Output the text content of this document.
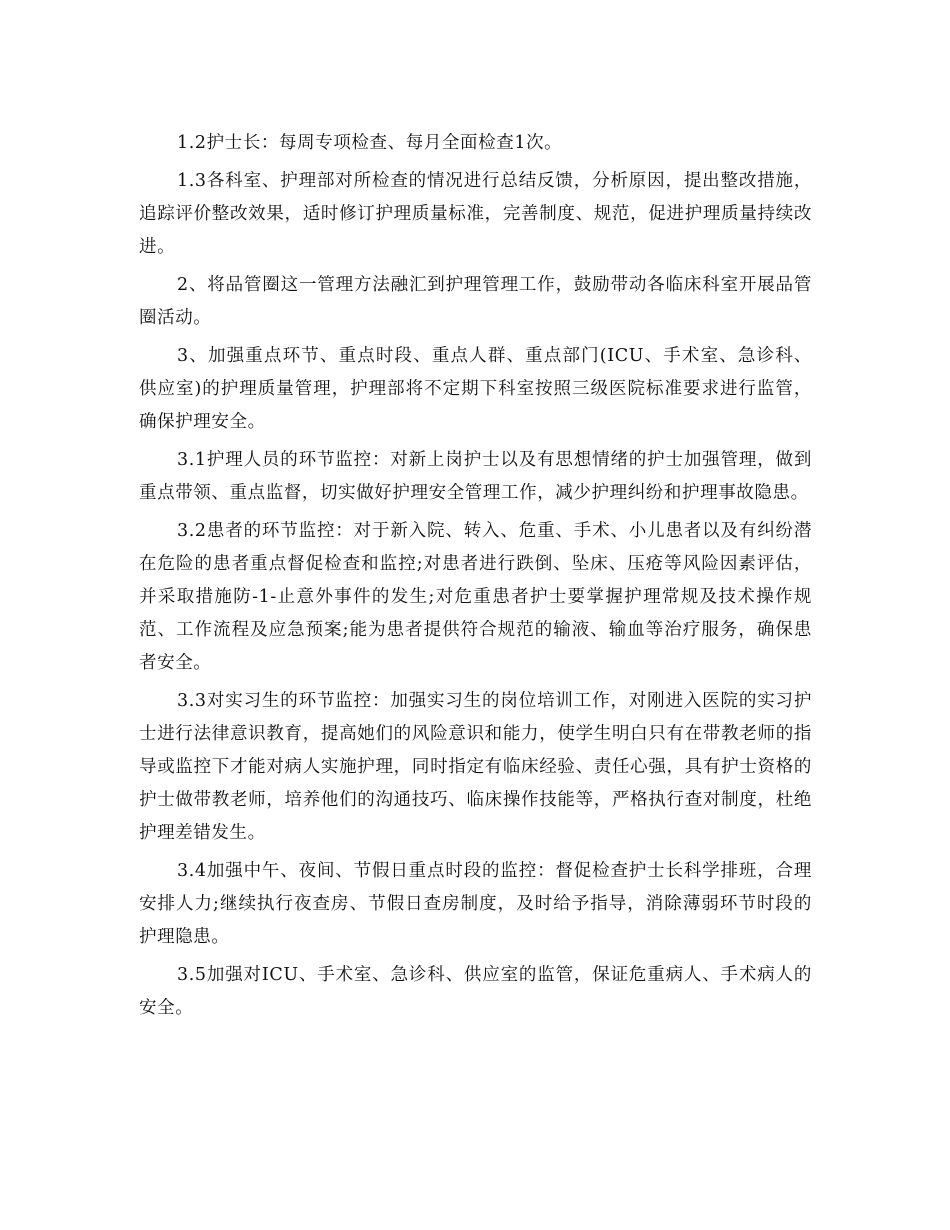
1.2护士长：每周专项检查、每月全面检查1次。

1.3各科室、护理部对所检查的情况进行总结反馈，分析原因，提出整改措施，追踪评价整改效果，适时修订护理质量标准，完善制度、规范，促进护理质量持续改进。

2、将品管圈这一管理方法融汇到护理管理工作，鼓励带动各临床科室开展品管圈活动。

3、加强重点环节、重点时段、重点人群、重点部门(ICU、手术室、急诊科、供应室)的护理质量管理，护理部将不定期下科室按照三级医院标准要求进行监管，确保护理安全。

3.1护理人员的环节监控：对新上岗护士以及有思想情绪的护士加强管理，做到重点带领、重点监督，切实做好护理安全管理工作，减少护理纠纷和护理事故隐患。

3.2患者的环节监控：对于新入院、转入、危重、手术、小儿患者以及有纠纷潜在危险的患者重点督促检查和监控;对患者进行跌倒、坠床、压疮等风险因素评估，并采取措施防-1-止意外事件的发生;对危重患者护士要掌握护理常规及技术操作规范、工作流程及应急预案;能为患者提供符合规范的输液、输血等治疗服务，确保患者安全。

3.3对实习生的环节监控：加强实习生的岗位培训工作，对刚进入医院的实习护士进行法律意识教育，提高她们的风险意识和能力，使学生明白只有在带教老师的指导或监控下才能对病人实施护理，同时指定有临床经验、责任心强，具有护士资格的护士做带教老师，培养他们的沟通技巧、临床操作技能等，严格执行查对制度，杜绝护理差错发生。

3.4加强中午、夜间、节假日重点时段的监控：督促检查护士长科学排班，合理安排人力;继续执行夜查房、节假日查房制度，及时给予指导，消除薄弱环节时段的护理隐患。

3.5加强对ICU、手术室、急诊科、供应室的监管，保证危重病人、手术病人的安全。
